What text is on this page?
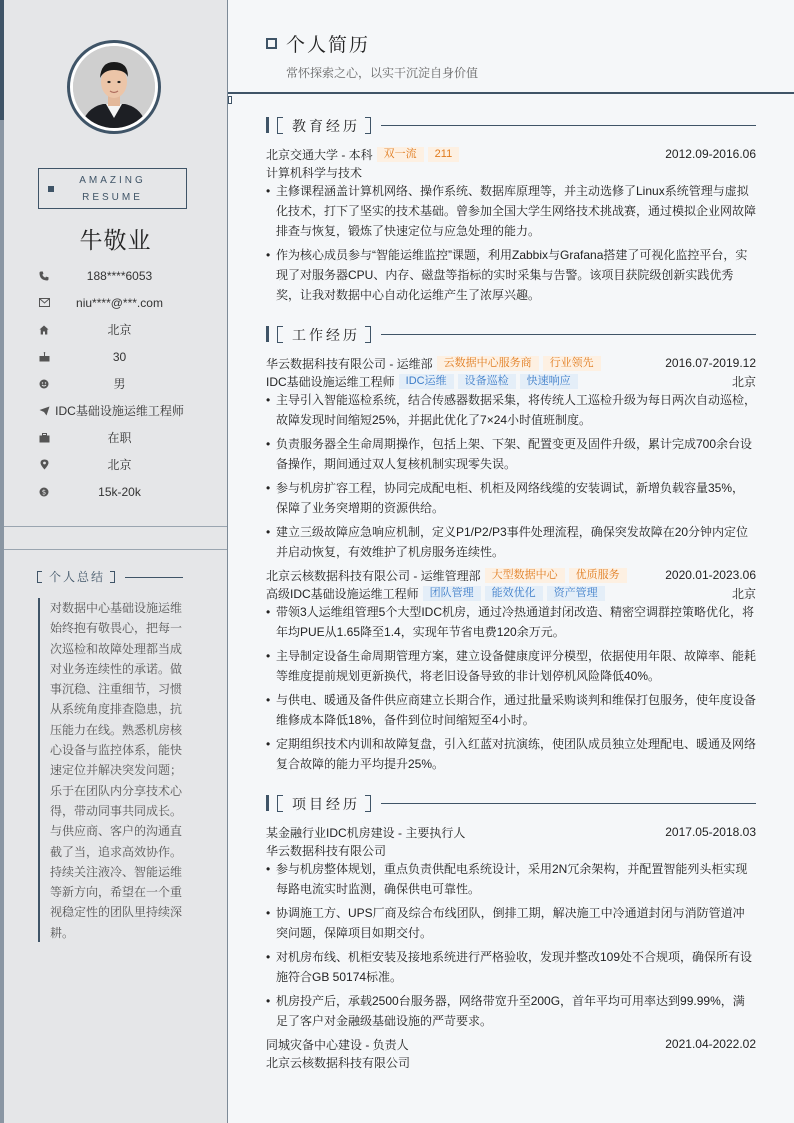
AMAZING
RESUME
牛敬业
188****6053
niu****@***.com
北京
30
男
IDC基础设施运维工程师
在职
北京
$	15k-20k
个人总结
对数据中心基础设施运维始终抱有敬畏心，把每一次巡检和故障处理都当成对业务连续性的承诺。做事沉稳、注重细节，习惯从系统角度排查隐患，抗压能力在线。熟悉机房核心设备与监控体系，能快速定位并解决突发问题；乐于在团队内分享技术心得，带动同事共同成长。与供应商、客户的沟通直截了当，追求高效协作。持续关注液冷、智能运维等新方向，希望在一个重视稳定性的团队里持续深耕。
个人简历
常怀探索之心，以实干沉淀自身价值
教育经历
北京交通大学 - 本科	双一流	211	2012.09-2016.06
计算机科学与技术
• 主修课程涵盖计算机网络、操作系统、数据库原理等，并主动选修了Linux系统管理与虚拟化技术，打下了坚实的技术基础。曾参加全国大学生网络技术挑战赛，通过模拟企业网故障排查与恢复，锻炼了快速定位与应急处理的能力。
• 作为核心成员参与“智能运维监控”课题，利用Zabbix与Grafana搭建了可视化监控平台，实现了对服务器CPU、内存、磁盘等指标的实时采集与告警。该项目获院级创新实践优秀奖，让我对数据中心自动化运维产生了浓厚兴趣。
工作经历
华云数据科技有限公司 - 运维部	云数据中心服务商	行业领先	2016.07-2019.12
IDC基础设施运维工程师	IDC运维	设备巡检	快速响应	北京
• 主导引入智能巡检系统，结合传感器数据采集，将传统人工巡检升级为每日两次自动巡检，故障发现时间缩短25%，并据此优化了7×24小时值班制度。
• 负责服务器全生命周期操作，包括上架、下架、配置变更及固件升级，累计完成700余台设备操作，期间通过双人复核机制实现零失误。
• 参与机房扩容工程，协同完成配电柜、机柜及网络线缆的安装调试，新增负载容量35%，保障了业务突增期的资源供给。
• 建立三级故障应急响应机制，定义P1/P2/P3事件处理流程，确保突发故障在20分钟内定位并启动恢复，有效维护了机房服务连续性。
北京云核数据科技有限公司 - 运维管理部	大型数据中心	优质服务	2020.01-2023.06
高级IDC基础设施运维工程师	团队管理	能效优化	资产管理	北京
• 带领3人运维组管理5个大型IDC机房，通过冷热通道封闭改造、精密空调群控策略优化，将年均PUE从1.65降至1.4，实现年节省电费120余万元。
• 主导制定设备生命周期管理方案，建立设备健康度评分模型，依据使用年限、故障率、能耗等维度提前规划更新换代，将老旧设备导致的非计划停机风险降低40%。
• 与供电、暖通及备件供应商建立长期合作，通过批量采购谈判和维保打包服务，使年度设备维修成本降低18%，备件到位时间缩短至4小时。
• 定期组织技术内训和故障复盘，引入红蓝对抗演练，使团队成员独立处理配电、暖通及网络复合故障的能力平均提升25%。
项目经历
某金融行业IDC机房建设 - 主要执行人	2017.05-2018.03
华云数据科技有限公司
• 参与机房整体规划，重点负责供配电系统设计，采用2N冗余架构，并配置智能列头柜实现每路电流实时监测，确保供电可靠性。
• 协调施工方、UPS厂商及综合布线团队，倒排工期，解决施工中冷通道封闭与消防管道冲突问题，保障项目如期交付。
• 对机房布线、机柜安装及接地系统进行严格验收，发现并整改109处不合规项，确保所有设施符合GB 50174标准。
• 机房投产后，承载2500台服务器，网络带宽升至200G，首年平均可用率达到99.99%，满足了客户对金融级基础设施的严苛要求。
同城灾备中心建设 - 负责人	2021.04-2022.02
北京云核数据科技有限公司
